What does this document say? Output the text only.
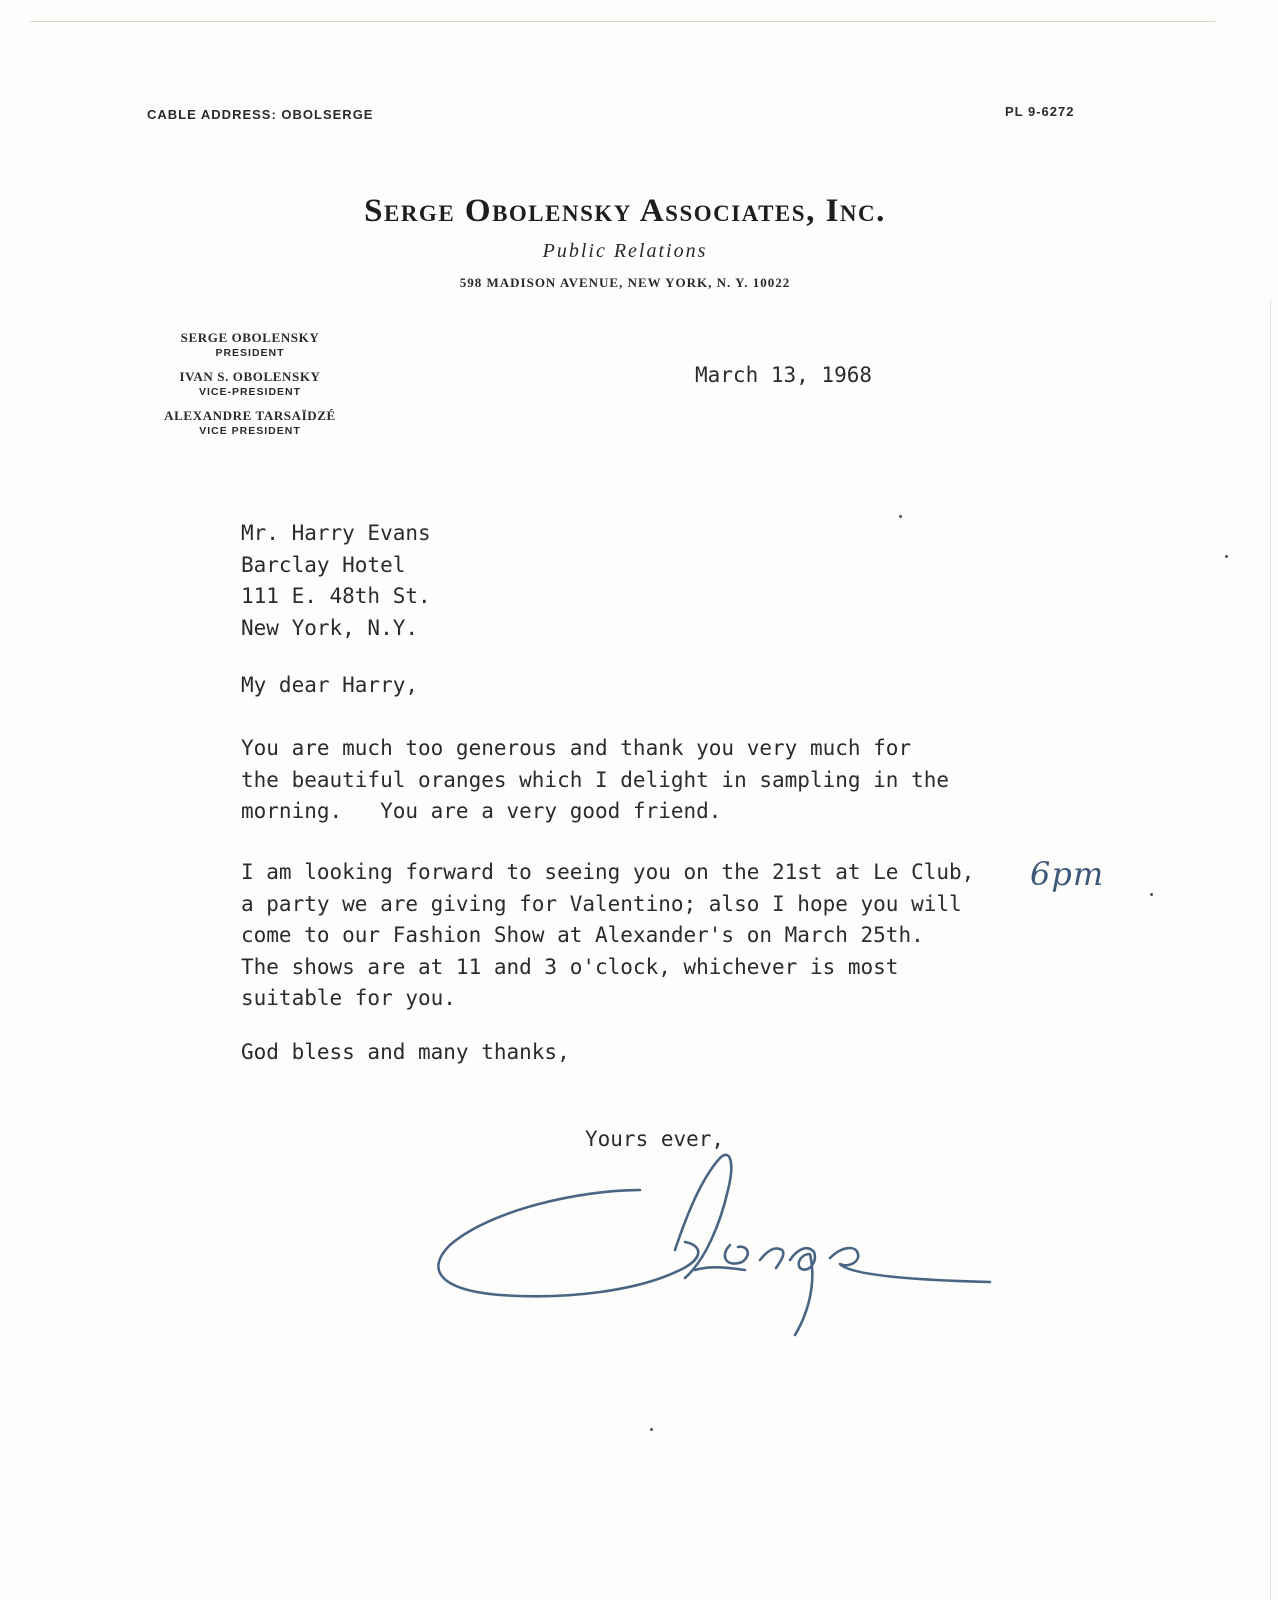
CABLE ADDRESS: OBOLSERGE	PL 9-6272
Serge Obolensky Associates, Inc.
Public Relations
598 MADISON AVENUE, NEW YORK, N. Y. 10022
SERGE OBOLENSKY
PRESIDENT
IVAN S. OBOLENSKY
VICE-PRESIDENT
ALEXANDRE TARSAÏDZÉ
VICE PRESIDENT
March 13, 1968
Mr. Harry Evans
Barclay Hotel
111 E. 48th St.
New York, N.Y.
My dear Harry,
You are much too generous and thank you very much for
the beautiful oranges which I delight in sampling in the
morning.   You are a very good friend.
I am looking forward to seeing you on the 21st at Le Club,
a party we are giving for Valentino; also I hope you will
come to our Fashion Show at Alexander's on March 25th.
The shows are at 11 and 3 o'clock, whichever is most
suitable for you.
6pm
God bless and many thanks,
Yours ever,
